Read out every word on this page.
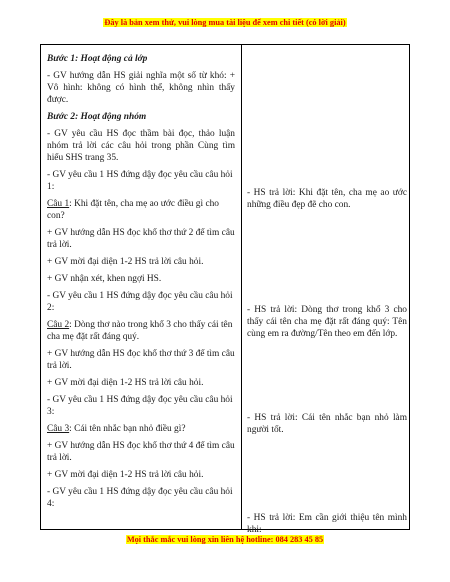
Đây là bản xem thử, vui lòng mua tài liệu để xem chi tiết (có lời giải)

Bước 1: Hoạt động cả lớp

- GV hướng dẫn HS giải nghĩa một số từ khó: + Vô hình: không có hình thể, không nhìn thấy được.

Bước 2: Hoạt động nhóm

- GV yêu cầu HS đọc thầm bài đọc, thảo luận nhóm trả lời các câu hỏi trong phần Cùng tìm hiểu SHS trang 35.

- GV yêu cầu 1 HS đứng dậy đọc yêu cầu câu hỏi 1:

Câu 1: Khi đặt tên, cha mẹ ao ước điều gì cho con?

+ GV hướng dẫn HS đọc khổ thơ thứ 2 để tìm câu trả lời.

+ GV mời đại diện 1-2 HS trả lời câu hỏi.

+ GV nhận xét, khen ngợi HS.

- GV yêu cầu 1 HS đứng dậy đọc yêu cầu câu hỏi 2:

Câu 2: Dòng thơ nào trong khổ 3 cho thấy cái tên cha mẹ đặt rất đáng quý.

+ GV hướng dẫn HS đọc khổ thơ thứ 3 để tìm câu trả lời.

+ GV mời đại diện 1-2 HS trả lời câu hỏi.

- GV yêu cầu 1 HS đứng dậy đọc yêu cầu câu hỏi 3:

Câu 3: Cái tên nhắc bạn nhỏ điều gì?

+ GV hướng dẫn HS đọc khổ thơ thứ 4 để tìm câu trả lời.

+ GV mời đại diện 1-2 HS trả lời câu hỏi.

- GV yêu cầu 1 HS đứng dậy đọc yêu cầu câu hỏi 4:

- HS trả lời: Khi đặt tên, cha mẹ ao ước những điều đẹp đẽ cho con.

- HS trả lời: Dòng thơ trong khổ 3 cho thấy cái tên cha mẹ đặt rất đáng quý: Tên cùng em ra đường/Tên theo em đến lớp.

- HS trả lời: Cái tên nhắc bạn nhỏ làm người tốt.

- HS trả lời: Em cần giới thiệu tên mình khi:

Mọi thắc mắc vui lòng xin liên hệ hotline: 084 283 45 85
